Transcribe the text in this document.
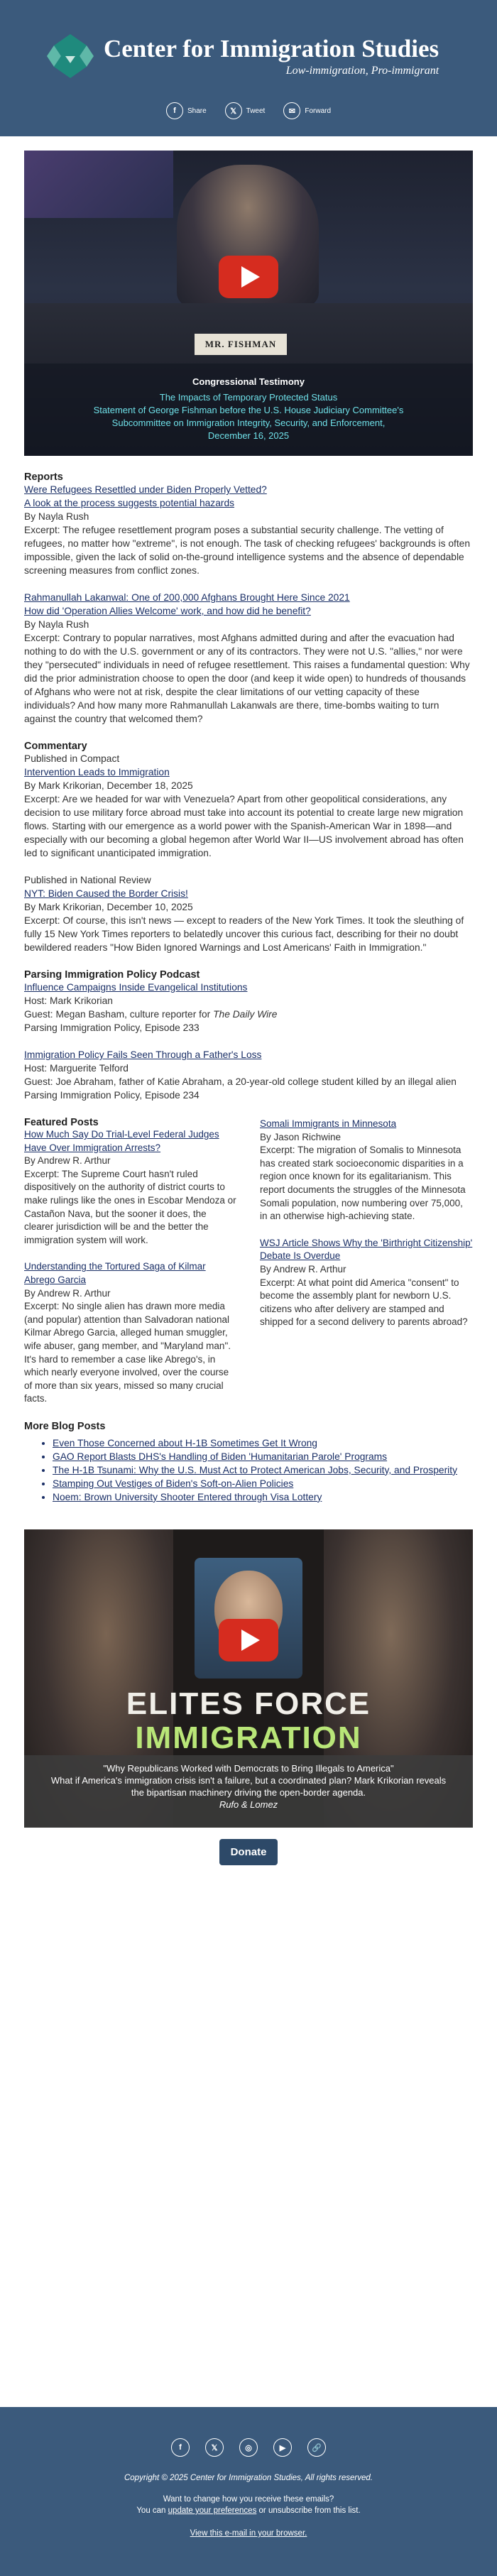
Center for Immigration Studies
Low-immigration, Pro-immigrant
f	Share	𝕏	Tweet	✉	Forward
MR. FISHMAN
Congressional Testimony
The Impacts of Temporary Protected Status
Statement of George Fishman before the U.S. House Judiciary Committee's
Subcommittee on Immigration Integrity, Security, and Enforcement,
December 16, 2025
Reports
Were Refugees Resettled under Biden Properly Vetted?
A look at the process suggests potential hazards
By Nayla Rush
Excerpt: The refugee resettlement program poses a substantial security challenge. The vetting of refugees, no matter how "extreme", is not enough. The task of checking refugees' backgrounds is often impossible, given the lack of solid on-the-ground intelligence systems and the absence of dependable screening measures from conflict zones.
Rahmanullah Lakanwal: One of 200,000 Afghans Brought Here Since 2021
How did 'Operation Allies Welcome' work, and how did he benefit?
By Nayla Rush
Excerpt: Contrary to popular narratives, most Afghans admitted during and after the evacuation had nothing to do with the U.S. government or any of its contractors. They were not U.S. "allies," nor were they "persecuted" individuals in need of refugee resettlement. This raises a fundamental question: Why did the prior administration choose to open the door (and keep it wide open) to hundreds of thousands of Afghans who were not at risk, despite the clear limitations of our vetting capacity of these individuals? And how many more Rahmanullah Lakanwals are there, time-bombs waiting to turn against the country that welcomed them?
Commentary
Published in Compact
Intervention Leads to Immigration
By Mark Krikorian, December 18, 2025
Excerpt: Are we headed for war with Venezuela? Apart from other geopolitical considerations, any decision to use military force abroad must take into account its potential to create large new migration flows. Starting with our emergence as a world power with the Spanish-American War in 1898—and especially with our becoming a global hegemon after World War II—US involvement abroad has often led to significant unanticipated immigration.
Published in National Review
NYT: Biden Caused the Border Crisis!
By Mark Krikorian, December 10, 2025
Excerpt: Of course, this isn't news — except to readers of the New York Times. It took the sleuthing of fully 15 New York Times reporters to belatedly uncover this curious fact, describing for their no doubt bewildered readers "How Biden Ignored Warnings and Lost Americans' Faith in Immigration."
Parsing Immigration Policy Podcast
Influence Campaigns Inside Evangelical Institutions
Host: Mark Krikorian
Guest: Megan Basham, culture reporter for The Daily Wire
Parsing Immigration Policy, Episode 233
Immigration Policy Fails Seen Through a Father's Loss
Host: Marguerite Telford
Guest: Joe Abraham, father of Katie Abraham, a 20-year-old college student killed by an illegal alien
Parsing Immigration Policy, Episode 234
Featured Posts
How Much Say Do Trial-Level Federal Judges Have Over Immigration Arrests?
By Andrew R. Arthur
Excerpt: The Supreme Court hasn't ruled dispositively on the authority of district courts to make rulings like the ones in Escobar Mendoza or Castañon Nava, but the sooner it does, the clearer jurisdiction will be and the better the immigration system will work.
Understanding the Tortured Saga of Kilmar Abrego Garcia
By Andrew R. Arthur
Excerpt: No single alien has drawn more media (and popular) attention than Salvadoran national Kilmar Abrego Garcia, alleged human smuggler, wife abuser, gang member, and "Maryland man". It's hard to remember a case like Abrego's, in which nearly everyone involved, over the course of more than six years, missed so many crucial facts.
Somali Immigrants in Minnesota
By Jason Richwine
Excerpt: The migration of Somalis to Minnesota has created stark socioeconomic disparities in a region once known for its egalitarianism. This report documents the struggles of the Minnesota Somali population, now numbering over 75,000, in an otherwise high-achieving state.
WSJ Article Shows Why the 'Birthright Citizenship' Debate Is Overdue
By Andrew R. Arthur
Excerpt: At what point did America "consent" to become the assembly plant for newborn U.S. citizens who after delivery are stamped and shipped for a second delivery to parents abroad?
More Blog Posts
• Even Those Concerned about H-1B Sometimes Get It Wrong
• GAO Report Blasts DHS's Handling of Biden 'Humanitarian Parole' Programs
• The H-1B Tsunami: Why the U.S. Must Act to Protect American Jobs, Security, and Prosperity
• Stamping Out Vestiges of Biden's Soft-on-Alien Policies
• Noem: Brown University Shooter Entered through Visa Lottery
ELITES FORCE
IMMIGRATION
"Why Republicans Worked with Democrats to Bring Illegals to America"
What if America's immigration crisis isn't a failure, but a coordinated plan? Mark Krikorian reveals the bipartisan machinery driving the open-border agenda.
Rufo & Lomez
Donate
f	𝕏	◎	▶	🔗
Copyright © 2025 Center for Immigration Studies, All rights reserved.
Want to change how you receive these emails?
You can update your preferences or unsubscribe from this list.
View this e-mail in your browser.
